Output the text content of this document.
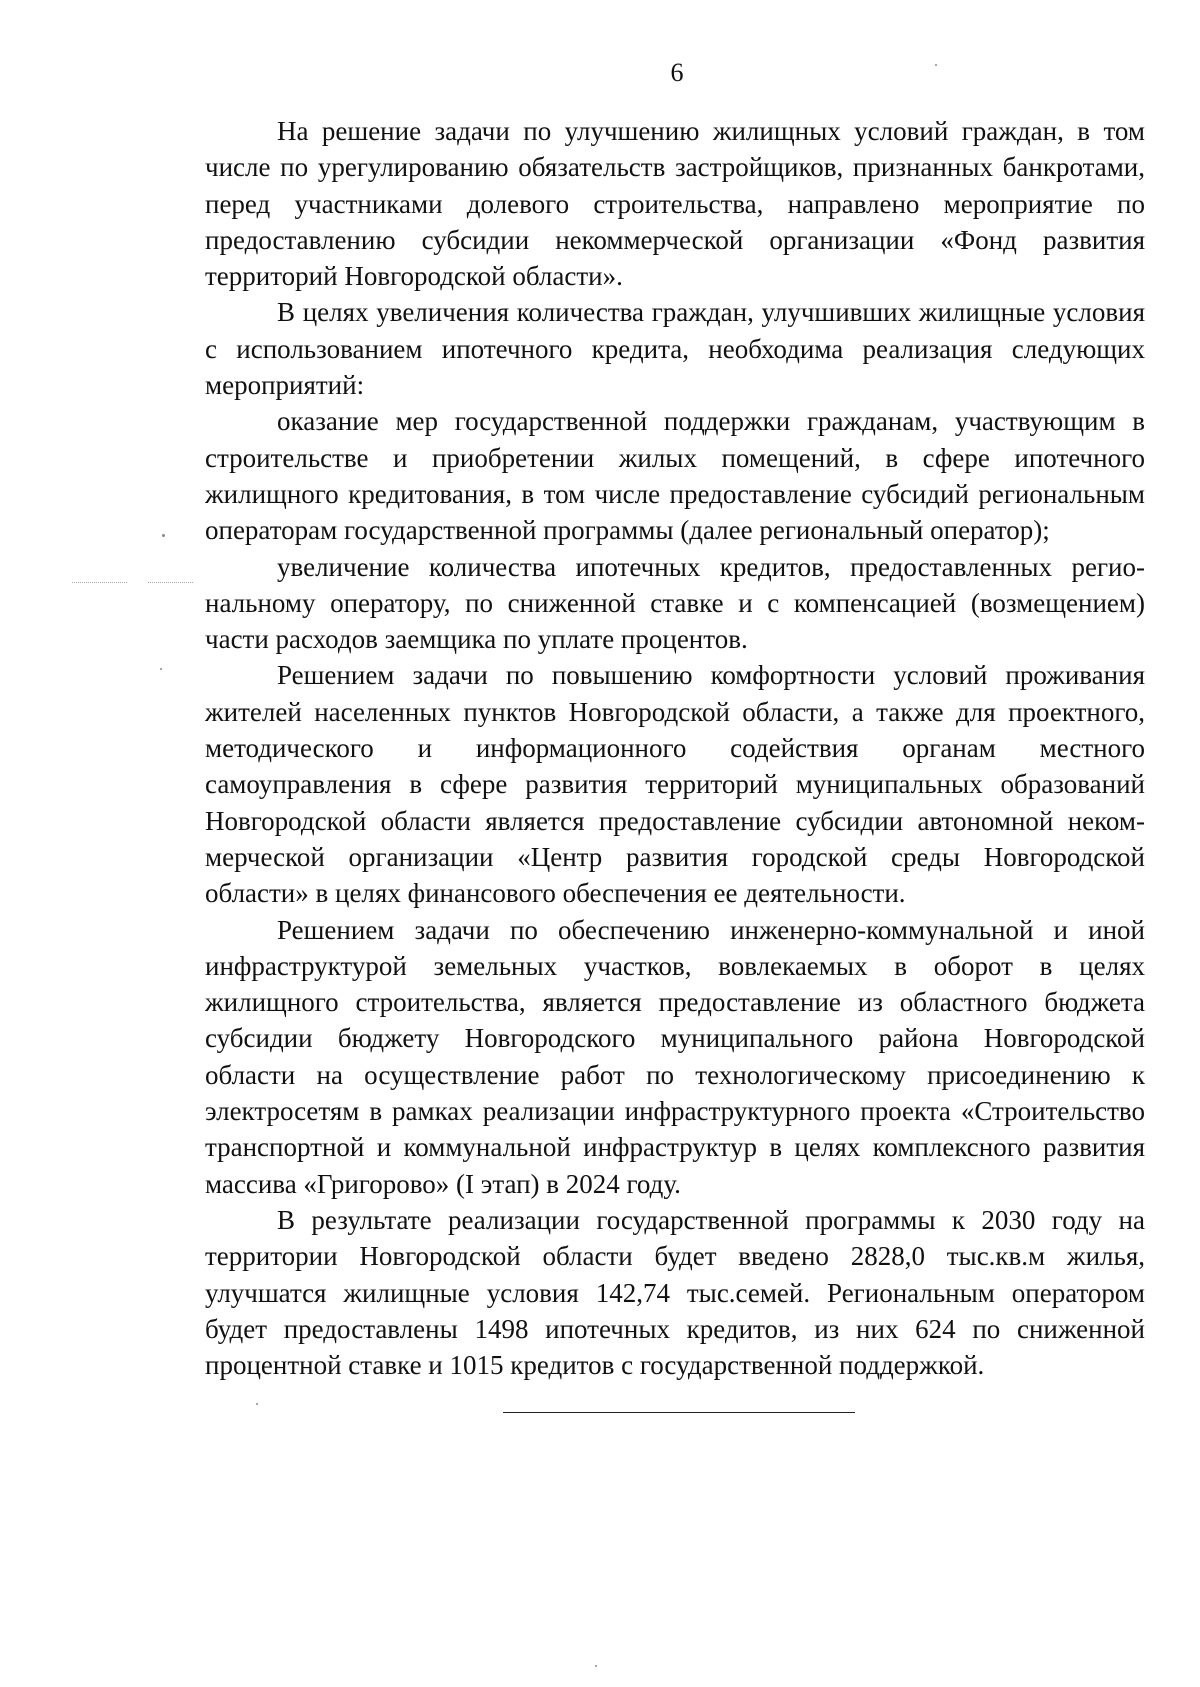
6

На решение задачи по улучшению жилищных условий граждан, в том числе по урегулированию обязательств застройщиков, признанных банкротами, перед участниками долевого строительства, направлено мероприятие по предоставлению субсидии некоммерческой организации «Фонд развития территорий Новгородской области».

В целях увеличения количества граждан, улучшивших жилищные условия с использованием ипотечного кредита, необходима реализация следующих мероприятий:

оказание мер государственной поддержки гражданам, участвующим в строительстве и приобретении жилых помещений, в сфере ипотечного жилищного кредитования, в том числе предоставление субсидий региональным операторам государственной программы (далее региональный оператор);

увеличение количества ипотечных кредитов, предоставленных региональному оператору, по сниженной ставке и с компенсацией (возмещением) части расходов заемщика по уплате процентов.

Решением задачи по повышению комфортности условий проживания жителей населенных пунктов Новгородской области, а также для проектного, методического и информационного содействия органам местного самоуправления в сфере развития территорий муниципальных образований Новгородской области является предоставление субсидии автономной некоммерческой организации «Центр развития городской среды Новгородской области» в целях финансового обеспечения ее деятельности.

Решением задачи по обеспечению инженерно-коммунальной и иной инфраструктурой земельных участков, вовлекаемых в оборот в целях жилищного строительства, является предоставление из областного бюджета субсидии бюджету Новгородского муниципального района Новгородской области на осуществление работ по технологическому присоединению к электросетям в рамках реализации инфраструктурного проекта «Строительство транспортной и коммунальной инфраструктур в целях комплексного развития массива «Григорово» (I этап) в 2024 году.

В результате реализации государственной программы к 2030 году на территории Новгородской области будет введено 2828,0 тыс.кв.м жилья, улучшатся жилищные условия 142,74 тыс.семей. Региональным оператором будет предоставлены 1498 ипотечных кредитов, из них 624 по сниженной процентной ставке и 1015 кредитов с государственной поддержкой.
